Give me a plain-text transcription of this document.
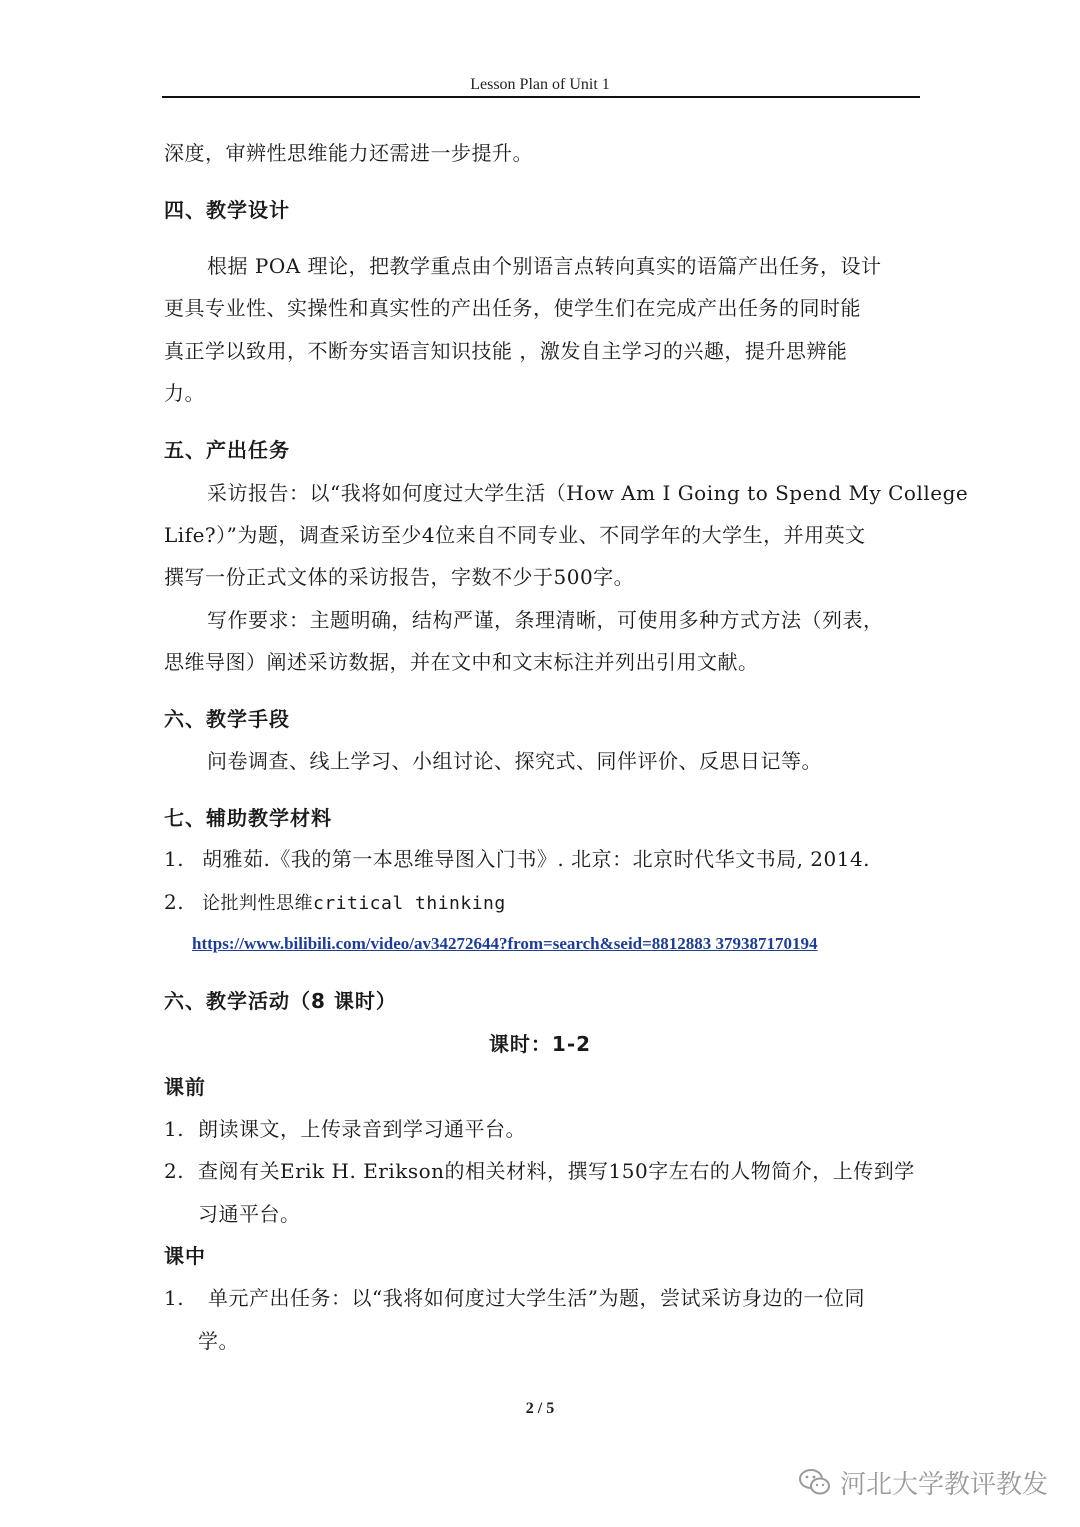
Lesson Plan of Unit 1
深度，审辨性思维能力还需进一步提升。
四、教学设计
根据 POA 理论，把教学重点由个别语言点转向真实的语篇产出任务，设计
更具专业性、实操性和真实性的产出任务，使学生们在完成产出任务的同时能
真正学以致用，不断夯实语言知识技能 ，激发自主学习的兴趣，提升思辨能
力。
五、产出任务
采访报告：以“我将如何度过大学生活（How Am I Going to Spend My College
Life?）”为题，调查采访至少4位来自不同专业、不同学年的大学生，并用英文
撰写一份正式文体的采访报告，字数不少于500字。
写作要求：主题明确，结构严谨，条理清晰，可使用多种方式方法（列表，
思维导图）阐述采访数据，并在文中和文末标注并列出引用文献。
六、教学手段
问卷调查、线上学习、小组讨论、探究式、同伴评价、反思日记等。
七、辅助教学材料
1. 胡雅茹.《我的第一本思维导图入门书》. 北京：北京时代华文书局, 2014.
2. 论批判性思维critical thinking
https://www.bilibili.com/video/av34272644?from=search&seid=8812883 379387170194
六、教学活动（8 课时）
课时：1-2
课前
1. 朗读课文，上传录音到学习通平台。
2. 查阅有关Erik H. Erikson的相关材料，撰写150字左右的人物简介，上传到学
习通平台。
课中
1. 单元产出任务：以“我将如何度过大学生活”为题，尝试采访身边的一位同
学。
2 / 5
河北大学教评教发
